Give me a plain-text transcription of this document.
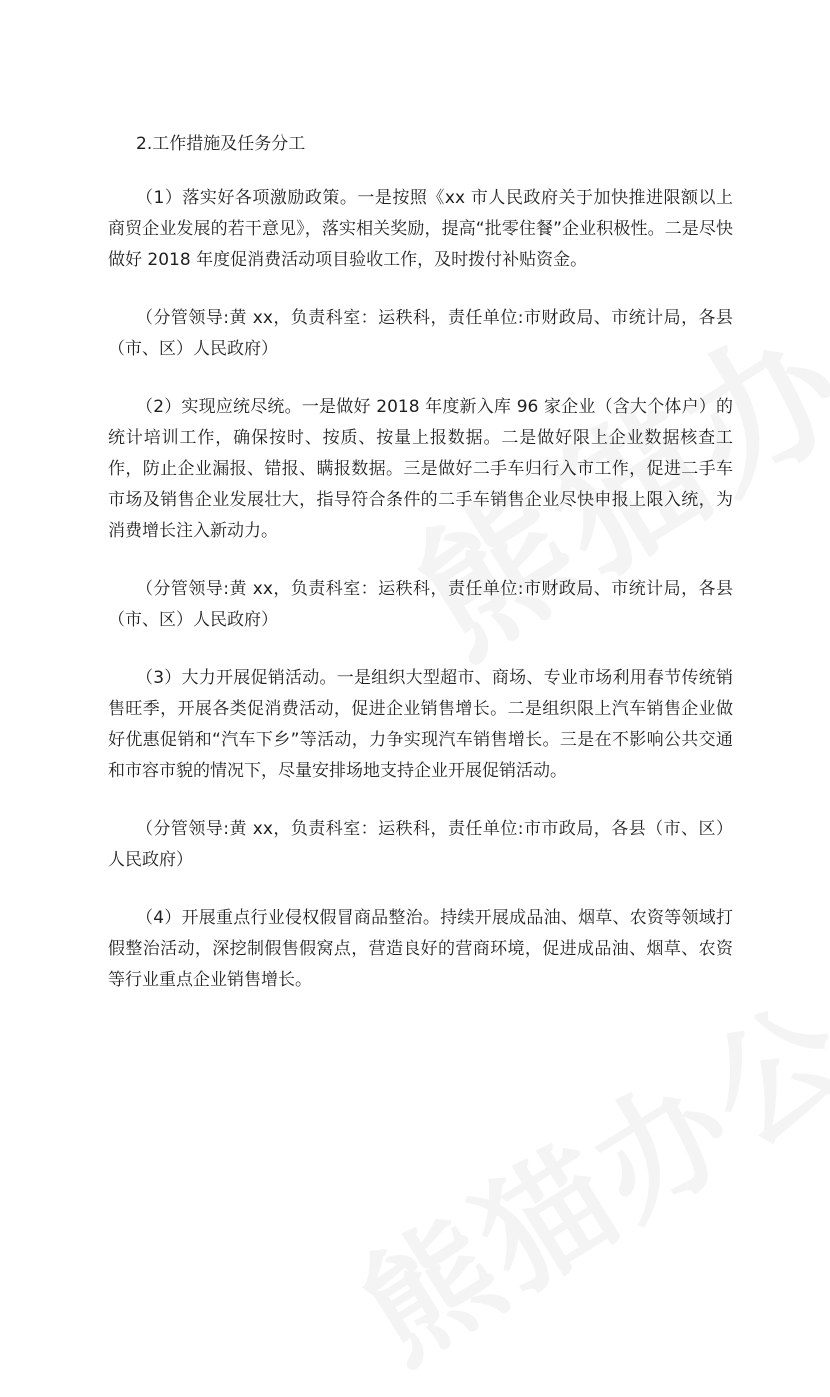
2.工作措施及任务分工

（1）落实好各项激励政策。一是按照《xx 市人民政府关于加快推进限额以上商贸企业发展的若干意见》，落实相关奖励，提高“批零住餐”企业积极性。二是尽快做好 2018 年度促消费活动项目验收工作，及时拨付补贴资金。

（分管领导:黄 xx，负责科室：运秩科，责任单位:市财政局、市统计局，各县（市、区）人民政府）

（2）实现应统尽统。一是做好 2018 年度新入库 96 家企业（含大个体户）的统计培训工作，确保按时、按质、按量上报数据。二是做好限上企业数据核查工作，防止企业漏报、错报、瞒报数据。三是做好二手车归行入市工作，促进二手车市场及销售企业发展壮大，指导符合条件的二手车销售企业尽快申报上限入统，为消费增长注入新动力。

（分管领导:黄 xx，负责科室：运秩科，责任单位:市财政局、市统计局，各县（市、区）人民政府）

（3）大力开展促销活动。一是组织大型超市、商场、专业市场利用春节传统销售旺季，开展各类促消费活动，促进企业销售增长。二是组织限上汽车销售企业做好优惠促销和“汽车下乡”等活动，力争实现汽车销售增长。三是在不影响公共交通和市容市貌的情况下，尽量安排场地支持企业开展促销活动。

（分管领导:黄 xx，负责科室：运秩科，责任单位:市市政局，各县（市、区）人民政府）

（4）开展重点行业侵权假冒商品整治。持续开展成品油、烟草、农资等领域打假整治活动，深挖制假售假窝点，营造良好的营商环境，促进成品油、烟草、农资等行业重点企业销售增长。
